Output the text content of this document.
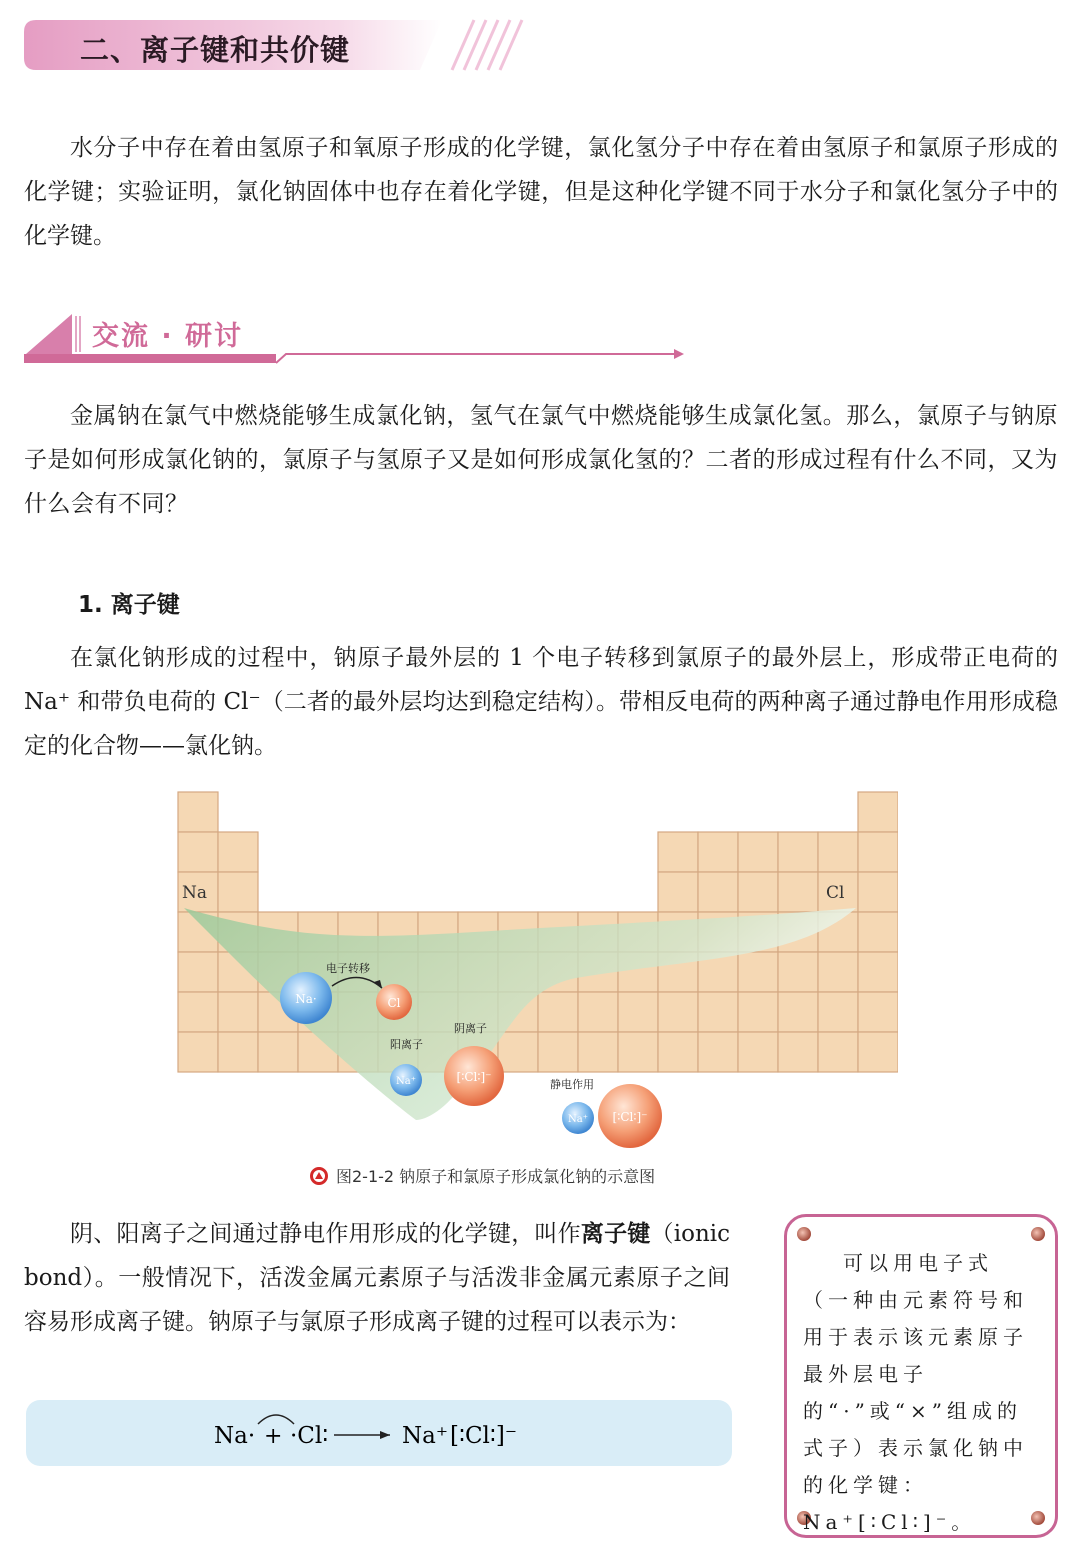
二、离子键和共价键

水分子中存在着由氢原子和氧原子形成的化学键，氯化氢分子中存在着由氢原子和氯原子形成的化学键；实验证明，氯化钠固体中也存在着化学键，但是这种化学键不同于水分子和氯化氢分子中的化学键。

交流 · 研讨

金属钠在氯气中燃烧能够生成氯化钠，氢气在氯气中燃烧能够生成氯化氢。那么，氯原子与钠原子是如何形成氯化钠的，氯原子与氢原子又是如何形成氯化氢的？二者的形成过程有什么不同，又为什么会有不同？

1. 离子键

在氯化钠形成的过程中，钠原子最外层的 1 个电子转移到氯原子的最外层上，形成带正电荷的 Na⁺ 和带负电荷的 Cl⁻（二者的最外层均达到稳定结构）。带相反电荷的两种离子通过静电作用形成稳定的化合物——氯化钠。

Na	Cl
Na·	Cl
电子转移
阳离子
Na⁺
阴离子
[∶Cl∶]⁻
静电作用
Na⁺ [∶Cl∶]⁻
图2-1-2 钠原子和氯原子形成氯化钠的示意图

阴、阳离子之间通过静电作用形成的化学键，叫作离子键（ionic bond）。一般情况下，活泼金属元素原子与活泼非金属元素原子之间容易形成离子键。钠原子与氯原子形成离子键的过程可以表示为：

Na· + ·Cl∶	Na⁺ [∶Cl∶]⁻

可以用电子式（一种由元素符号和用于表示该元素原子最外层电子的“·”或“×”组成的式子）表示氯化钠中的化学键：Na⁺[∶Cl∶]⁻。
